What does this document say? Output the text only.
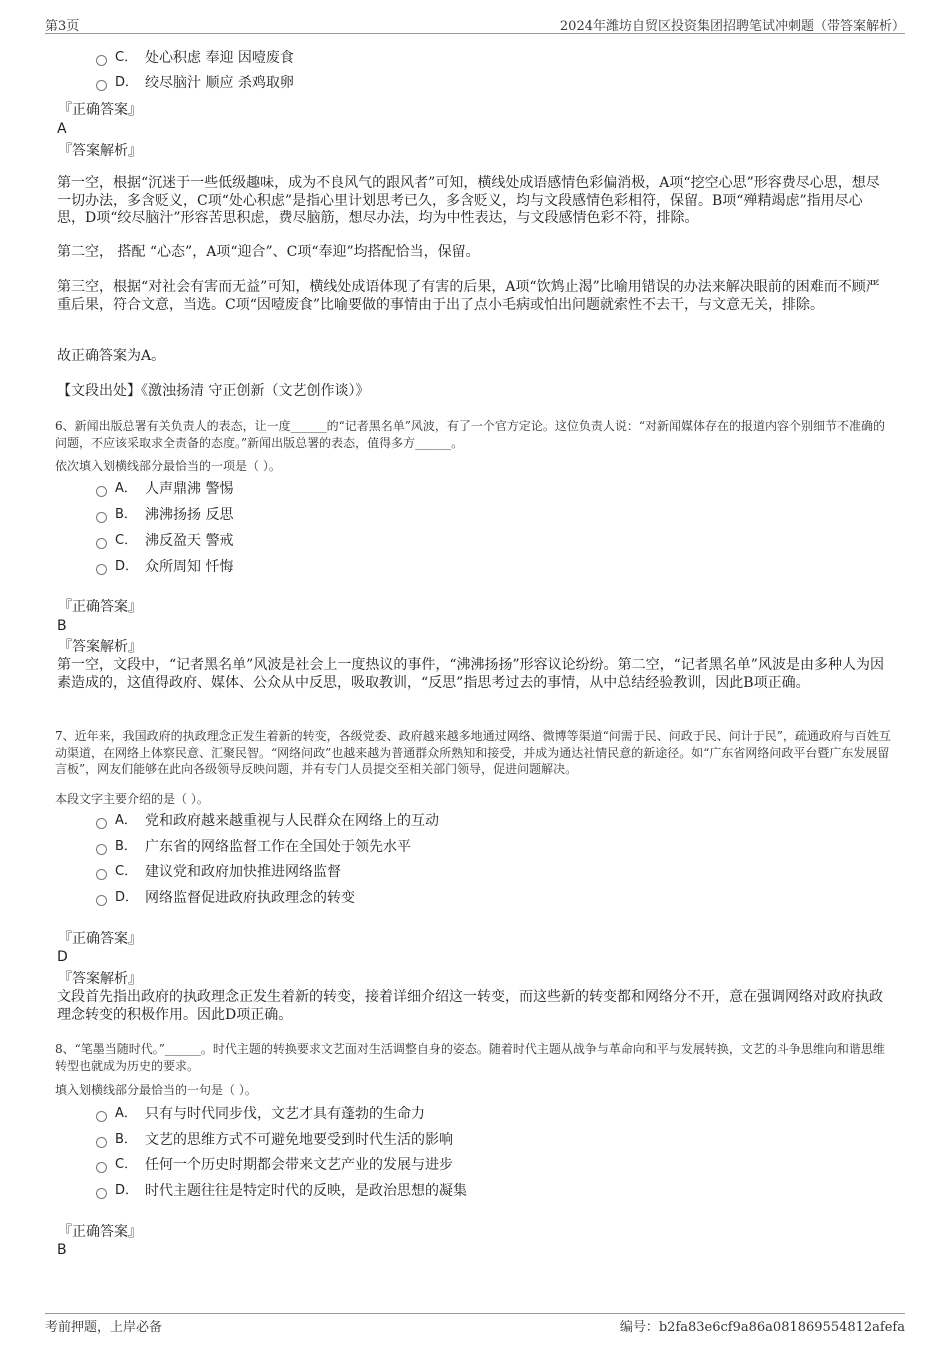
第3页	2024年潍坊自贸区投资集团招聘笔试冲刺题（带答案解析）
C． 处心积虑 奉迎 因噎废食
D． 绞尽脑汁 顺应 杀鸡取卵
『正确答案』
A
『答案解析』
第一空，根据“沉迷于一些低级趣味，成为不良风气的跟风者”可知，横线处成语感情色彩偏消极，A项“挖空心思”形容费尽心思，想尽一切办法，多含贬义，C项“处心积虑”是指心里计划思考已久，多含贬义，均与文段感情色彩相符，保留。B项“殚精竭虑”指用尽心思，D项“绞尽脑汁”形容苦思积虑，费尽脑筋，想尽办法，均为中性表达，与文段感情色彩不符，排除。
第二空， 搭配 “心态”，A项“迎合”、C项“奉迎”均搭配恰当，保留。
第三空，根据“对社会有害而无益”可知，横线处成语体现了有害的后果，A项“饮鸩止渴”比喻用错误的办法来解决眼前的困难而不顾严重后果，符合文意，当选。C项“因噎废食”比喻要做的事情由于出了点小毛病或怕出问题就索性不去干，与文意无关，排除。
故正确答案为A。
【文段出处】《激浊扬清 守正创新（文艺创作谈）》
6、新闻出版总署有关负责人的表态，让一度______的“记者黑名单”风波，有了一个官方定论。这位负责人说：“对新闻媒体存在的报道内容个别细节不准确的问题，不应该采取求全责备的态度。”新闻出版总署的表态，值得多方______。
依次填入划横线部分最恰当的一项是（ ）。
A． 人声鼎沸 警惕
B． 沸沸扬扬 反思
C． 沸反盈天 警戒
D． 众所周知 忏悔
『正确答案』
B
『答案解析』
第一空，文段中，“记者黑名单”风波是社会上一度热议的事件，“沸沸扬扬”形容议论纷纷。第二空，“记者黑名单”风波是由多种人为因素造成的，这值得政府、媒体、公众从中反思，吸取教训，“反思”指思考过去的事情，从中总结经验教训，因此B项正确。
7、近年来，我国政府的执政理念正发生着新的转变，各级党委、政府越来越多地通过网络、微博等渠道“问需于民、问政于民、问计于民”，疏通政府与百姓互动渠道，在网络上体察民意、汇聚民智。“网络问政”也越来越为普通群众所熟知和接受，并成为通达社情民意的新途径。如“广东省网络问政平台暨广东发展留言板”，网友们能够在此向各级领导反映问题，并有专门人员提交至相关部门领导，促进问题解决。
本段文字主要介绍的是（ ）。
A． 党和政府越来越重视与人民群众在网络上的互动
B． 广东省的网络监督工作在全国处于领先水平
C． 建议党和政府加快推进网络监督
D． 网络监督促进政府执政理念的转变
『正确答案』
D
『答案解析』
文段首先指出政府的执政理念正发生着新的转变，接着详细介绍这一转变，而这些新的转变都和网络分不开，意在强调网络对政府执政理念转变的积极作用。因此D项正确。
8、“笔墨当随时代。”______。时代主题的转换要求文艺面对生活调整自身的姿态。随着时代主题从战争与革命向和平与发展转换，文艺的斗争思维向和谐思维转型也就成为历史的要求。
填入划横线部分最恰当的一句是（ ）。
A． 只有与时代同步伐，文艺才具有蓬勃的生命力
B． 文艺的思维方式不可避免地要受到时代生活的影响
C． 任何一个历史时期都会带来文艺产业的发展与进步
D． 时代主题往往是特定时代的反映，是政治思想的凝集
『正确答案』
B
考前押题，上岸必备	编号：b2fa83e6cf9a86a081869554812afefa
